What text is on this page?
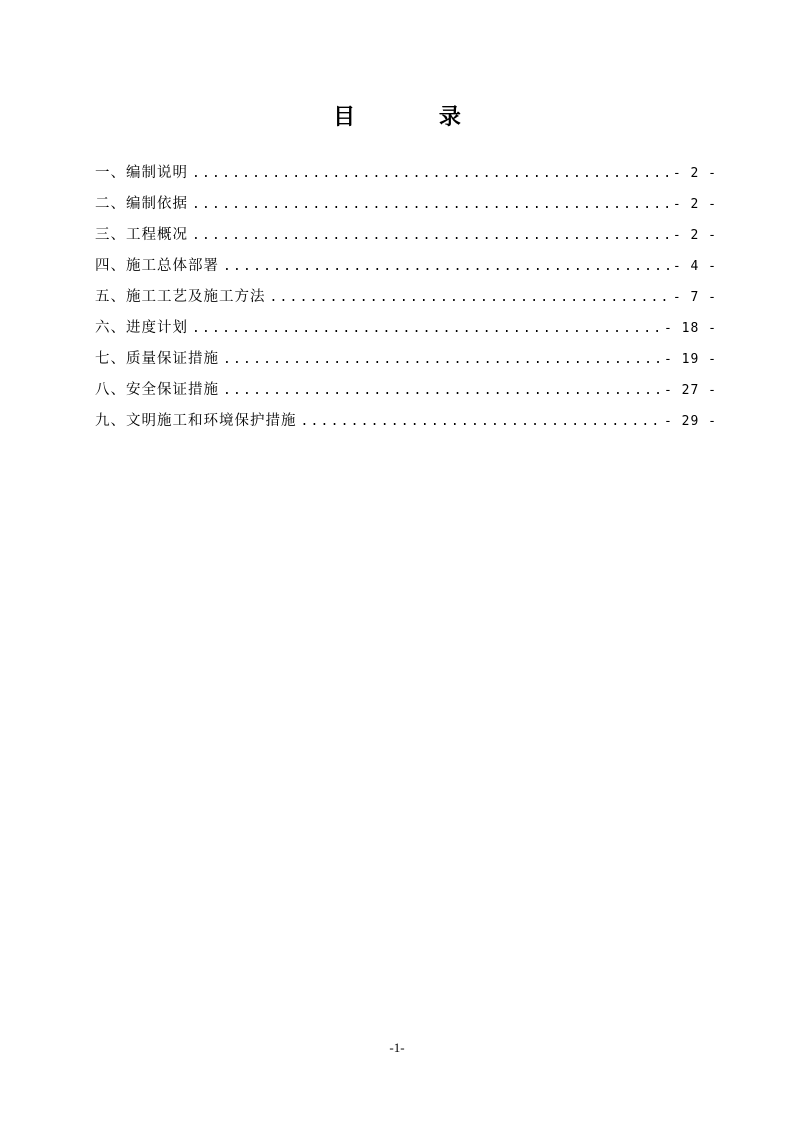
目 录
一、编制说明 .....	- 2 -
二、编制依据 .....	- 2 -
三、工程概况 .....	- 2 -
四、施工总体部署 .....	- 4 -
五、施工工艺及施工方法 .....	- 7 -
六、进度计划 .....	- 18 -
七、质量保证措施 .....	- 19 -
八、安全保证措施 .....	- 27 -
九、文明施工和环境保护措施 .....	- 29 -
-1-
